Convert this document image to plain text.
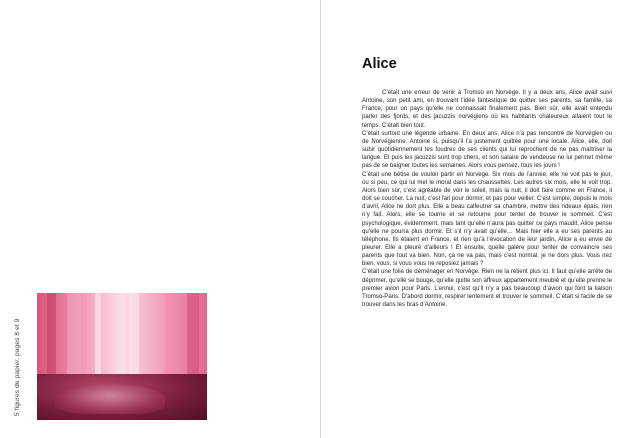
5 figures de papier, pages 8 et 9
Alice

C’était une erreur de venir à Tromso en Norvège. Il y a deux ans, Alice avait suivi Antoine, son petit ami, en trouvant l’idée fantastique de quitter ses parents, sa famille, sa France, pour un pays qu’elle ne connaissait finalement pas. Bien sûr, elle avait entendu parler des fjords, et des jacuzzis norvégiens où les habitants chaleureux allaient tout le temps. C’était bien tout.

C’était surtout une légende urbaine. En deux ans, Alice n’a pas rencontré de Norvégien ou de Norvégienne. Antoine si, puisqu’il l’a justement quittée pour une locale. Alice, elle, doit subir quotidiennement les foudres de ses clients qui lui reprochent de ne pas maîtriser la langue. Et puis les jacuzzis sont trop chers, et son salaire de vendeuse ne lui permet même pas de se baigner toutes les semaines. Alors vous pensez, tous les jours !

C’était une bêtise de vouloir partir en Norvège. Six mois de l’année, elle ne voit pas le jour, ou si peu, ce qui lui met le moral dans les chaussettes. Les autres six mois, elle le voit trop. Alors bien sûr, c’est agréable de voir le soleil, mais la nuit, il doit faire comme en France, il doit se coucher. La nuit, c’est fait pour dormir, et pas pour veiller. C’est simple, depuis le mois d’avril, Alice ne dort plus. Elle a beau calfeutrer sa chambre, mettre des rideaux épais, rien n’y fait. Alors, elle se tourne et se retourne pour tenter de trouver le sommeil. C’est psychologique, évidemment, mais tant qu’elle n’aura pas quitter ce pays maudit, Alice pense qu’elle ne pourra plus dormir. Et s’il n’y avait qu’elle… Mais hier elle a eu ses parents au téléphone. Ils étaient en France, et rien qu’à l’évocation de leur jardin, Alice a eu envie de pleurer. Elle a pleuré d’ailleurs ! Et ensuite, quelle galère pour tenter de convaincre ses parents que tout va bien. Non, ça ne va pas, mais c’est normal, je ne dors plus. Vous irez bien, vous, si vous vous ne reposiez jamais ?

C’était une folie de déménager en Norvège. Rien ne la retient plus ici. Il faut qu’elle arrête de déprimer, qu’elle se bouge, qu’elle quitte son affreux appartement meublé et qu’elle prenne le premier avion pour Paris. L’ennui, c’est qu’il n’y a pas beaucoup d’avion qui font la liaison Tromso-Paris. D’abord dormir, respirer lentement et trouver le sommeil. C’était si facile de se trouver dans les bras d’Antoine.
